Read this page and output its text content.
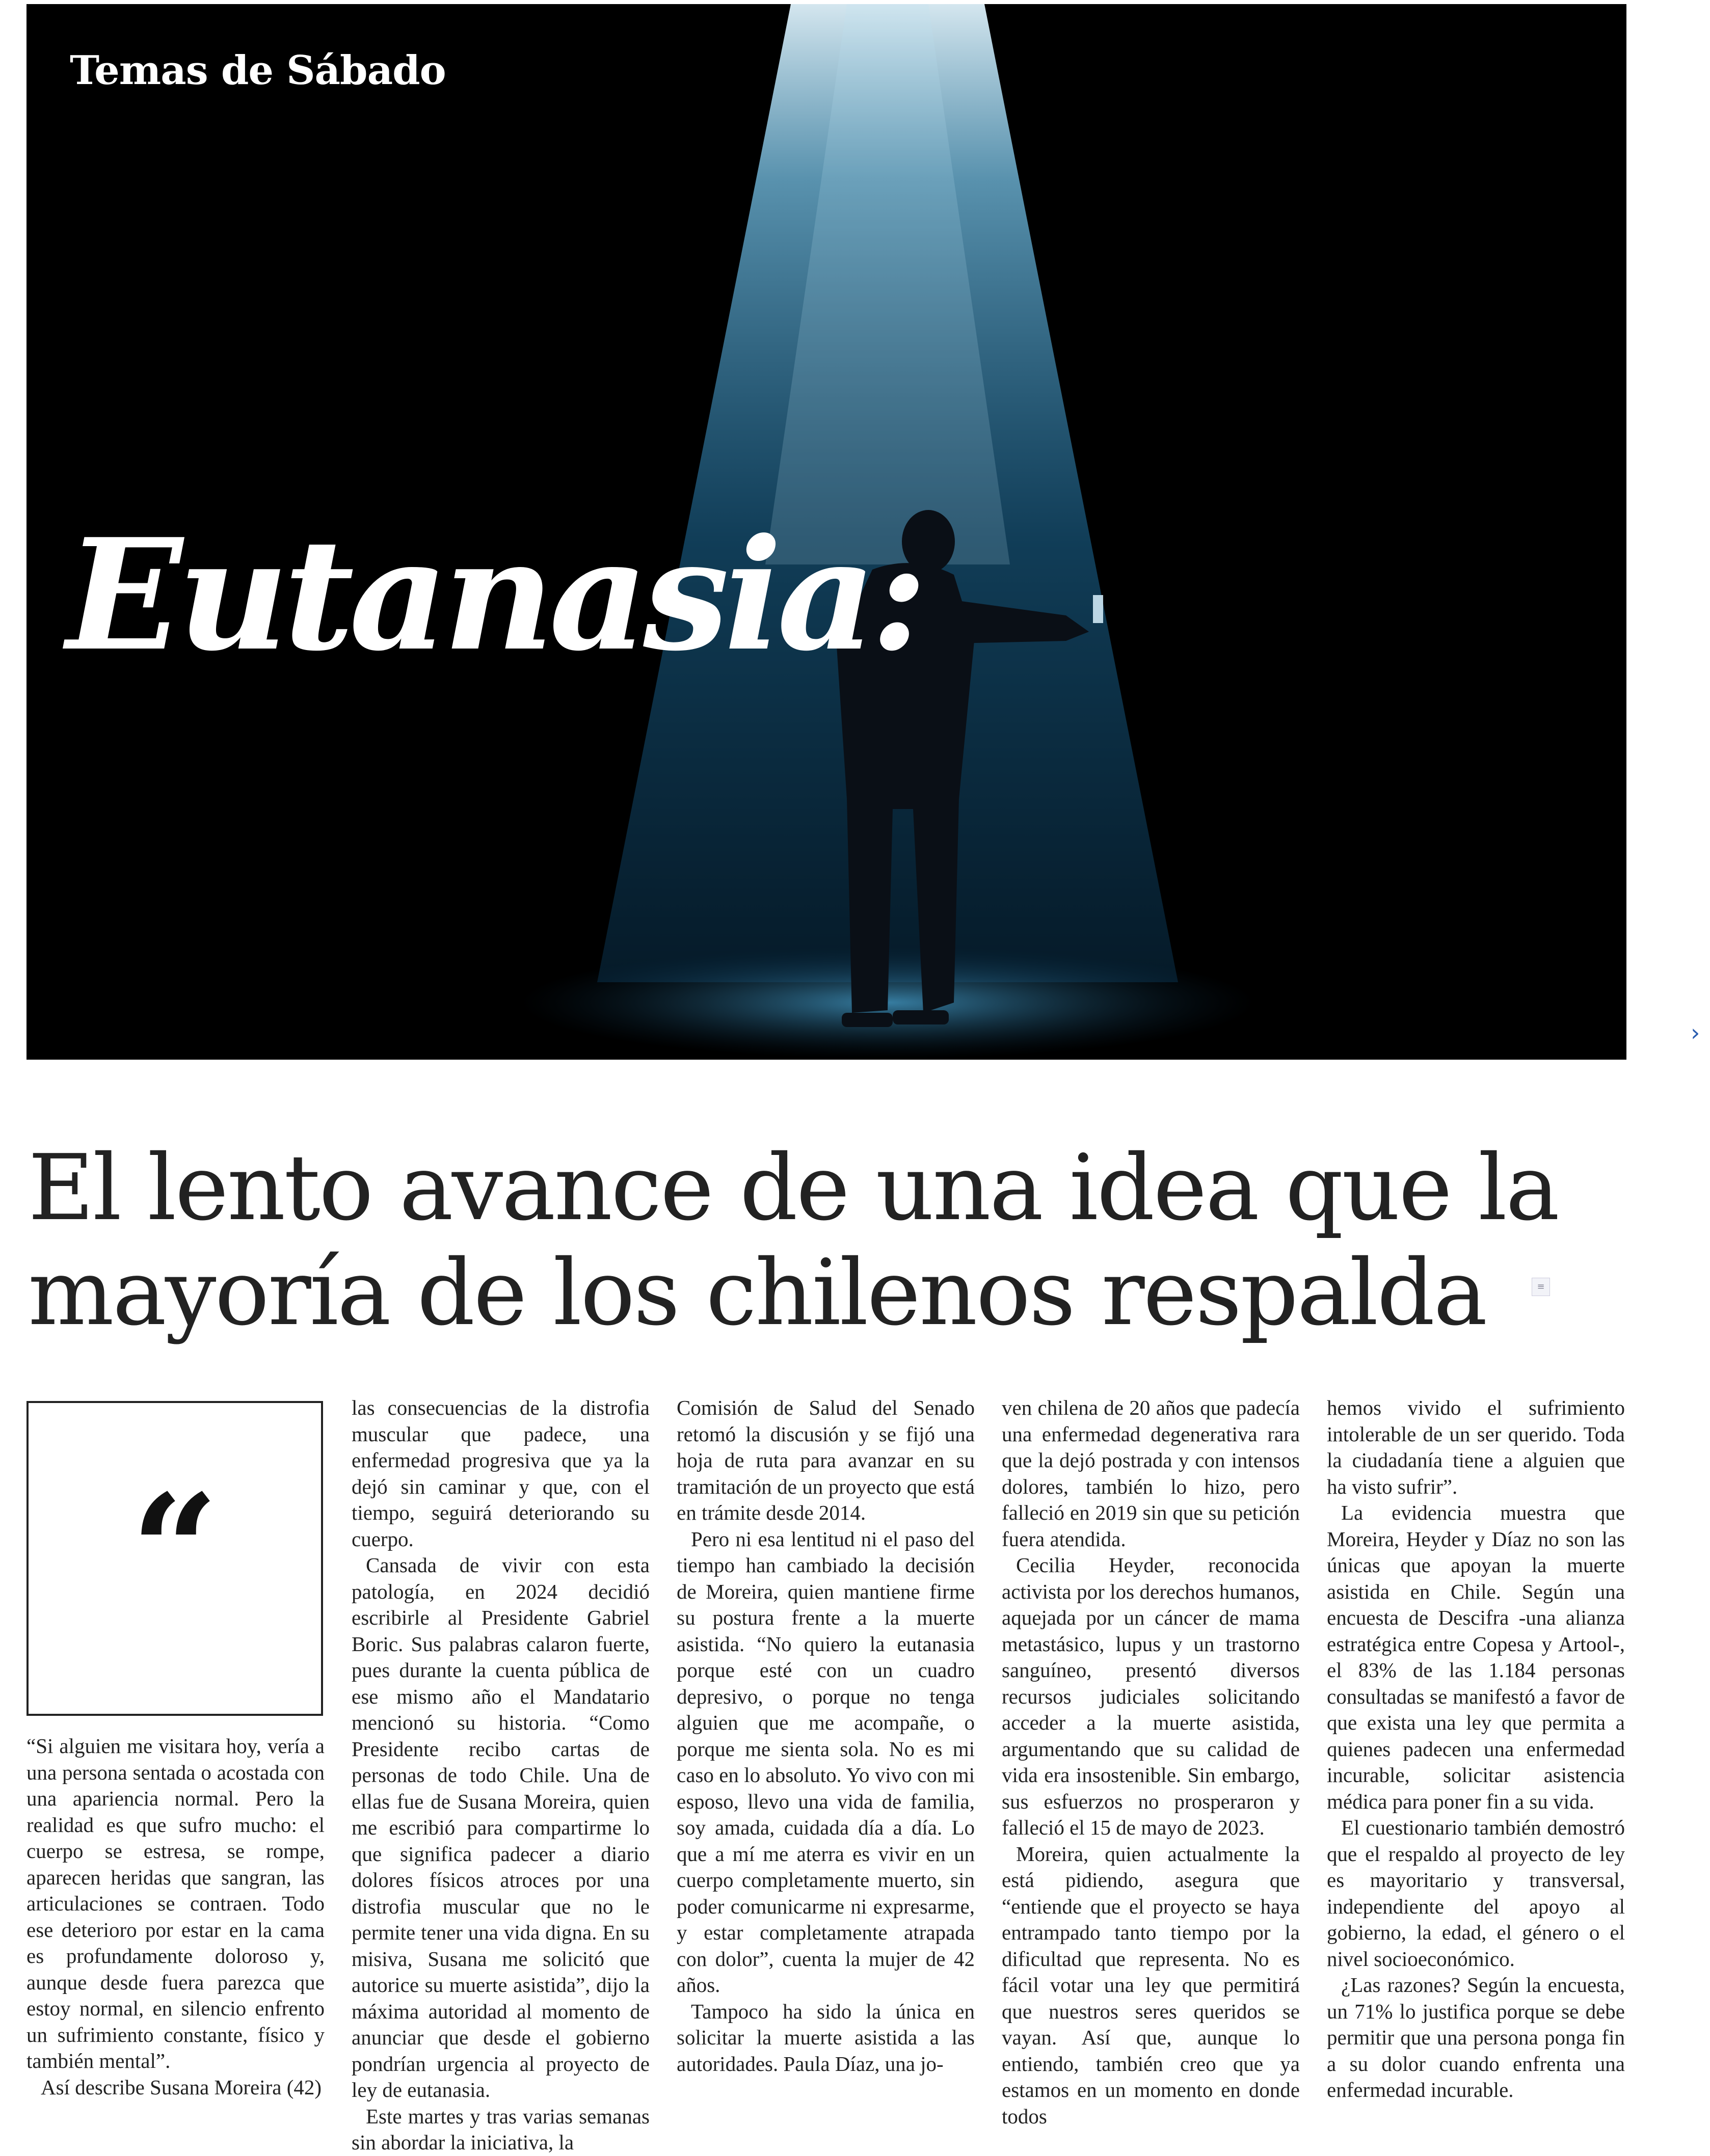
Temas de Sábado
Eutanasia:
›
El lento avance de una idea que la mayoría de los chilenos respalda	≡
“

“Si alguien me visitara hoy, vería a una persona sentada o acostada con una apariencia normal. Pero la realidad es que sufro mucho: el cuerpo se estresa, se rompe, aparecen heridas que sangran, las articulaciones se contraen. Todo ese deterioro por estar en la cama es profundamente doloroso y, aunque desde fuera parezca que estoy normal, en silencio enfrento un sufrimiento constante, físico y también mental”.

Así describe Susana Moreira (42)

las consecuencias de la distrofia muscular que padece, una enfermedad progresiva que ya la dejó sin caminar y que, con el tiempo, seguirá deteriorando su cuerpo.

Cansada de vivir con esta patología, en 2024 decidió escribirle al Presidente Gabriel Boric. Sus palabras calaron fuerte, pues durante la cuenta pública de ese mismo año el Mandatario mencionó su historia. “Como Presidente recibo cartas de personas de todo Chile. Una de ellas fue de Susana Moreira, quien me escribió para compartirme lo que significa padecer a diario dolores físicos atroces por una distrofia muscular que no le permite tener una vida digna. En su misiva, Susana me solicitó que autorice su muerte asistida”, dijo la máxima autoridad al momento de anunciar que desde el gobierno pondrían urgencia al proyecto de ley de eutanasia.

Este martes y tras varias semanas sin abordar la iniciativa, la

Comisión de Salud del Senado retomó la discusión y se fijó una hoja de ruta para avanzar en su tramitación de un proyecto que está en trámite desde 2014.

Pero ni esa lentitud ni el paso del tiempo han cambiado la decisión de Moreira, quien mantiene firme su postura frente a la muerte asistida. “No quiero la eutanasia porque esté con un cuadro depresivo, o porque no tenga alguien que me acompañe, o porque me sienta sola. No es mi caso en lo absoluto. Yo vivo con mi esposo, llevo una vida de familia, soy amada, cuidada día a día. Lo que a mí me aterra es vivir en un cuerpo completamente muerto, sin poder comunicarme ni expresarme, y estar completamente atrapada con dolor”, cuenta la mujer de 42 años.

Tampoco ha sido la única en solicitar la muerte asistida a las autoridades. Paula Díaz, una jo-

ven chilena de 20 años que padecía una enfermedad degenerativa rara que la dejó postrada y con intensos dolores, también lo hizo, pero falleció en 2019 sin que su petición fuera atendida.

Cecilia Heyder, reconocida activista por los derechos humanos, aquejada por un cáncer de mama metastásico, lupus y un trastorno sanguíneo, presentó diversos recursos judiciales solicitando acceder a la muerte asistida, argumentando que su calidad de vida era insostenible. Sin embargo, sus esfuerzos no prosperaron y falleció el 15 de mayo de 2023.

Moreira, quien actualmente la está pidiendo, asegura que “entiende que el proyecto se haya entrampado tanto tiempo por la dificultad que representa. No es fácil votar una ley que permitirá que nuestros seres queridos se vayan. Así que, aunque lo entiendo, también creo que ya estamos en un momento en donde todos

hemos vivido el sufrimiento intolerable de un ser querido. Toda la ciudadanía tiene a alguien que ha visto sufrir”.

La evidencia muestra que Moreira, Heyder y Díaz no son las únicas que apoyan la muerte asistida en Chile. Según una encuesta de Descifra -una alianza estratégica entre Copesa y Artool-, el 83% de las 1.184 personas consultadas se manifestó a favor de que exista una ley que permita a quienes padecen una enfermedad incurable, solicitar asistencia médica para poner fin a su vida.

El cuestionario también demostró que el respaldo al proyecto de ley es mayoritario y transversal, independiente del apoyo al gobierno, la edad, el género o el nivel socioeconómico.

¿Las razones? Según la encuesta, un 71% lo justifica porque se debe permitir que una persona ponga fin a su dolor cuando enfrenta una enfermedad incurable.
